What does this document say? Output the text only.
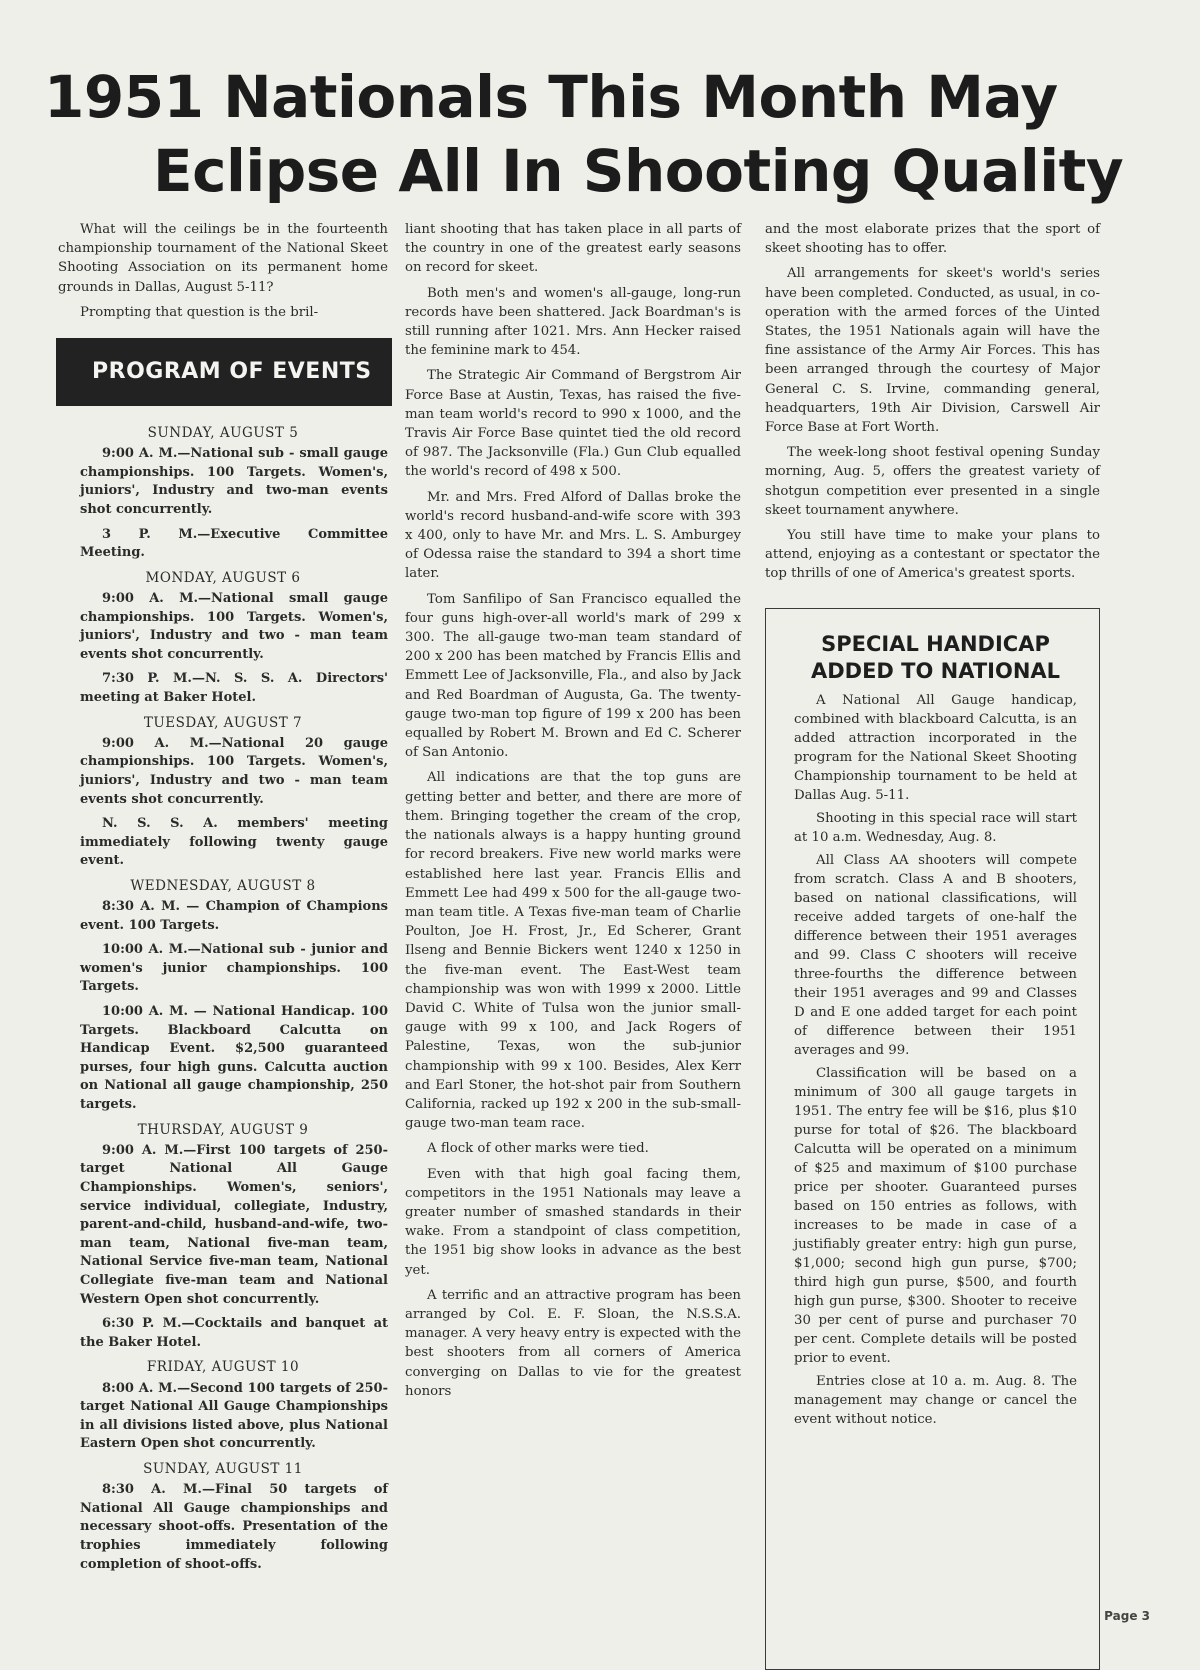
1951 Nationals This Month May
Eclipse All In Shooting Quality

What will the ceilings be in the fourteenth championship tournament of the National Skeet Shooting Association on its permanent home grounds in Dallas, August 5-11?

Prompting that question is the bril-

PROGRAM OF EVENTS
SUNDAY, AUGUST 5

9:00 A. M.—National sub - small gauge championships. 100 Targets. Women's, juniors', Industry and two-man events shot concurrently.

3 P. M.—Executive Committee Meeting.

MONDAY, AUGUST 6

9:00 A. M.—National small gauge championships. 100 Targets. Women's, juniors', Industry and two - man team events shot concurrently.

7:30 P. M.—N. S. S. A. Directors' meeting at Baker Hotel.

TUESDAY, AUGUST 7

9:00 A. M.—National 20 gauge championships. 100 Targets. Women's, juniors', Industry and two - man team events shot concurrently.

N. S. S. A. members' meeting immediately following twenty gauge event.

WEDNESDAY, AUGUST 8

8:30 A. M. — Champion of Champions event. 100 Targets.

10:00 A. M.—National sub - junior and women's junior championships. 100 Targets.

10:00 A. M. — National Handicap. 100 Targets. Blackboard Calcutta on Handicap Event. $2,500 guaranteed purses, four high guns. Calcutta auction on National all gauge championship, 250 targets.

THURSDAY, AUGUST 9

9:00 A. M.—First 100 targets of 250-target National All Gauge Championships. Women's, seniors', service individual, collegiate, Industry, parent-and-child, husband-and-wife, two-man team, National five-man team, National Service five-man team, National Collegiate five-man team and National Western Open shot concurrently.

6:30 P. M.—Cocktails and banquet at the Baker Hotel.

FRIDAY, AUGUST 10

8:00 A. M.—Second 100 targets of 250-target National All Gauge Championships in all divisions listed above, plus National Eastern Open shot concurrently.

SUNDAY, AUGUST 11

8:30 A. M.—Final 50 targets of National All Gauge championships and necessary shoot-offs. Presentation of the trophies immediately following completion of shoot-offs.

liant shooting that has taken place in all parts of the country in one of the greatest early seasons on record for skeet.

Both men's and women's all-gauge, long-run records have been shattered. Jack Boardman's is still running after 1021. Mrs. Ann Hecker raised the feminine mark to 454.

The Strategic Air Command of Bergstrom Air Force Base at Austin, Texas, has raised the five-man team world's record to 990 x 1000, and the Travis Air Force Base quintet tied the old record of 987. The Jacksonville (Fla.) Gun Club equalled the world's record of 498 x 500.

Mr. and Mrs. Fred Alford of Dallas broke the world's record husband-and-wife score with 393 x 400, only to have Mr. and Mrs. L. S. Amburgey of Odessa raise the standard to 394 a short time later.

Tom Sanfilipo of San Francisco equalled the four guns high-over-all world's mark of 299 x 300. The all-gauge two-man team standard of 200 x 200 has been matched by Francis Ellis and Emmett Lee of Jacksonville, Fla., and also by Jack and Red Boardman of Augusta, Ga. The twenty-gauge two-man top figure of 199 x 200 has been equalled by Robert M. Brown and Ed C. Scherer of San Antonio.

All indications are that the top guns are getting better and better, and there are more of them. Bringing together the cream of the crop, the nationals always is a happy hunting ground for record breakers. Five new world marks were established here last year. Francis Ellis and Emmett Lee had 499 x 500 for the all-gauge two-man team title. A Texas five-man team of Charlie Poulton, Joe H. Frost, Jr., Ed Scherer, Grant Ilseng and Bennie Bickers went 1240 x 1250 in the five-man event. The East-West team championship was won with 1999 x 2000. Little David C. White of Tulsa won the junior small-gauge with 99 x 100, and Jack Rogers of Palestine, Texas, won the sub-junior championship with 99 x 100. Besides, Alex Kerr and Earl Stoner, the hot-shot pair from Southern California, racked up 192 x 200 in the sub-small-gauge two-man team race.

A flock of other marks were tied.

Even with that high goal facing them, competitors in the 1951 Nationals may leave a greater number of smashed standards in their wake. From a standpoint of class competition, the 1951 big show looks in advance as the best yet.

A terrific and an attractive program has been arranged by Col. E. F. Sloan, the N.S.S.A. manager. A very heavy entry is expected with the best shooters from all corners of America converging on Dallas to vie for the greatest honors

and the most elaborate prizes that the sport of skeet shooting has to offer.

All arrangements for skeet's world's series have been completed. Conducted, as usual, in co-operation with the armed forces of the Uinted States, the 1951 Nationals again will have the fine assistance of the Army Air Forces. This has been arranged through the courtesy of Major General C. S. Irvine, commanding general, headquarters, 19th Air Division, Carswell Air Force Base at Fort Worth.

The week-long shoot festival opening Sunday morning, Aug. 5, offers the greatest variety of shotgun competition ever presented in a single skeet tournament anywhere.

You still have time to make your plans to attend, enjoying as a contestant or spectator the top thrills of one of America's greatest sports.

SPECIAL HANDICAP
ADDED TO NATIONAL

A National All Gauge handicap, combined with blackboard Calcutta, is an added attraction incorporated in the program for the National Skeet Shooting Championship tournament to be held at Dallas Aug. 5-11.

Shooting in this special race will start at 10 a.m. Wednesday, Aug. 8.

All Class AA shooters will compete from scratch. Class A and B shooters, based on national classifications, will receive added targets of one-half the difference between their 1951 averages and 99. Class C shooters will receive three-fourths the difference between their 1951 averages and 99 and Classes D and E one added target for each point of difference between their 1951 averages and 99.

Classification will be based on a minimum of 300 all gauge targets in 1951. The entry fee will be $16, plus $10 purse for total of $26. The blackboard Calcutta will be operated on a minimum of $25 and maximum of $100 purchase price per shooter. Guaranteed purses based on 150 entries as follows, with increases to be made in case of a justifiably greater entry: high gun purse, $1,000; second high gun purse, $700; third high gun purse, $500, and fourth high gun purse, $300. Shooter to receive 30 per cent of purse and purchaser 70 per cent. Complete details will be posted prior to event.

Entries close at 10 a. m. Aug. 8. The management may change or cancel the event without notice.

Page 3
